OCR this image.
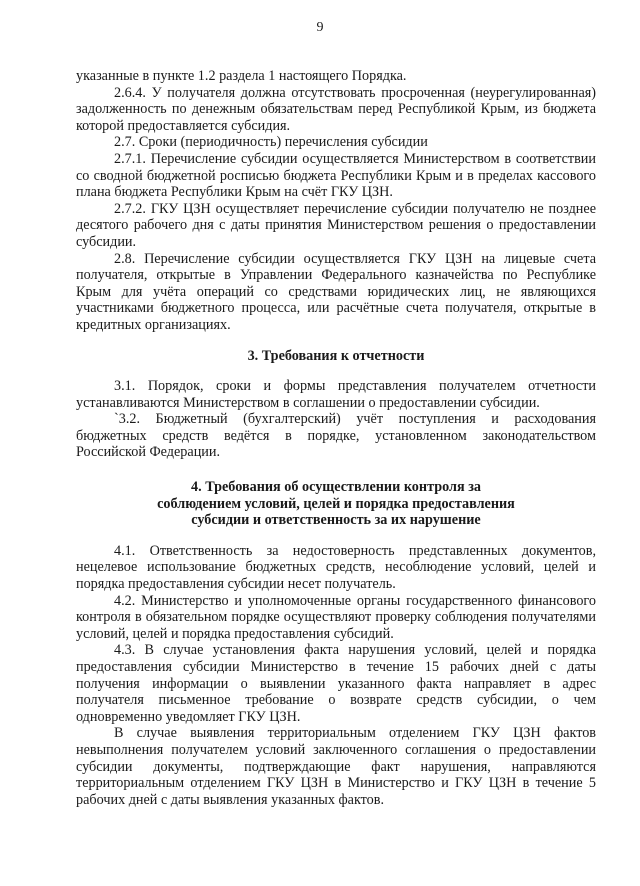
9

указанные в пункте 1.2 раздела 1 настоящего Порядка.

2.6.4. У получателя должна отсутствовать просроченная (неурегулированная) задолженность по денежным обязательствам перед Республикой Крым, из бюджета которой предоставляется субсидия.

2.7. Сроки (периодичность) перечисления субсидии

2.7.1. Перечисление субсидии осуществляется Министерством в соответствии со сводной бюджетной росписью бюджета Республики Крым и в пределах кассового плана бюджета Республики Крым на счёт ГКУ ЦЗН.

2.7.2. ГКУ ЦЗН осуществляет перечисление субсидии получателю не позднее десятого рабочего дня с даты принятия Министерством решения о предоставлении субсидии.

2.8. Перечисление субсидии осуществляется ГКУ ЦЗН на лицевые счета получателя, открытые в Управлении Федерального казначейства по Республике Крым для учёта операций со средствами юридических лиц, не являющихся участниками бюджетного процесса, или расчётные счета получателя, открытые в кредитных организациях.

3. Требования к отчетности

3.1. Порядок, сроки и формы представления получателем отчетности устанавливаются Министерством в соглашении о предоставлении субсидии.

`3.2. Бюджетный (бухгалтерский) учёт поступления и расходования бюджетных средств ведётся в порядке, установленном законодательством Российской Федерации.

4. Требования об осуществлении контроля за
соблюдением условий, целей и порядка предоставления
субсидии и ответственность за их нарушение

4.1. Ответственность за недостоверность представленных документов, нецелевое использование бюджетных средств, несоблюдение условий, целей и порядка предоставления субсидии несет получатель.

4.2. Министерство и уполномоченные органы государственного финансового контроля в обязательном порядке осуществляют проверку соблюдения получателями условий, целей и порядка предоставления субсидий.

4.3. В случае установления факта нарушения условий, целей и порядка предоставления субсидии Министерство в течение 15 рабочих дней с даты получения информации о выявлении указанного факта направляет в адрес получателя письменное требование о возврате средств субсидии, о чем одновременно уведомляет ГКУ ЦЗН.

В случае выявления территориальным отделением ГКУ ЦЗН фактов невыполнения получателем условий заключенного соглашения о предоставлении субсидии документы, подтверждающие факт нарушения, направляются территориальным отделением ГКУ ЦЗН в Министерство и ГКУ ЦЗН в течение 5 рабочих дней с даты выявления указанных фактов.
